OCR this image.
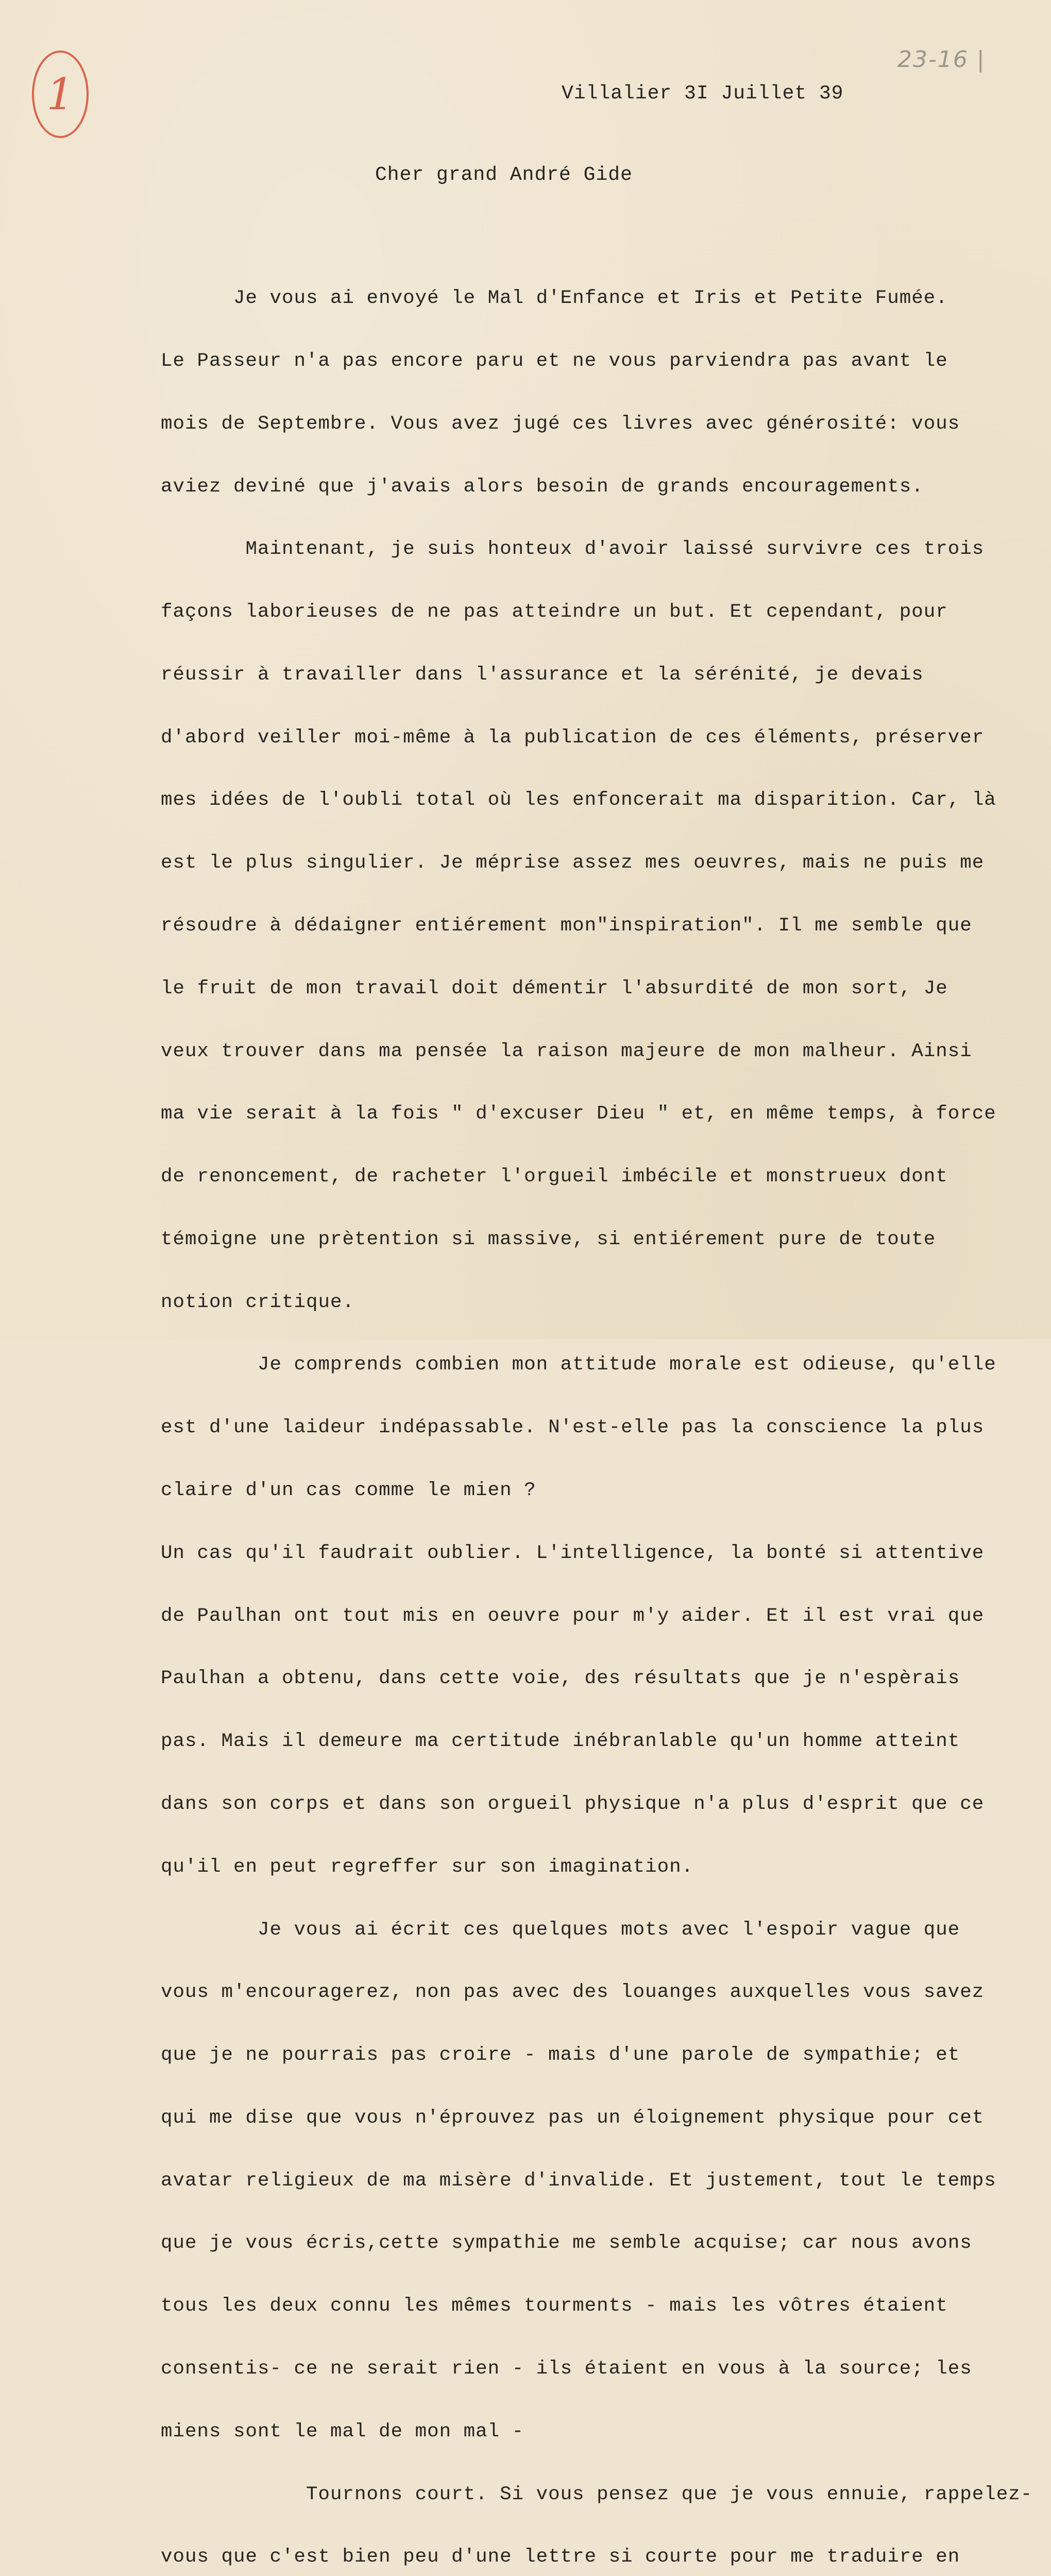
1
23-16 |
Villalier 3I Juillet 39
Cher grand André Gide

Je vous ai envoyé le Mal d'Enfance et Iris et Petite Fumée.

Le Passeur n'a pas encore paru et ne vous parviendra pas avant le

mois de Septembre. Vous avez jugé ces livres avec générosité: vous

aviez deviné que j'avais alors besoin de grands encouragements.

Maintenant, je suis honteux d'avoir laissé survivre ces trois

façons laborieuses de ne pas atteindre un but. Et cependant, pour

réussir à travailler dans l'assurance et la sérénité, je devais

d'abord veiller moi-même à la publication de ces éléments, préserver

mes idées de l'oubli total où les enfoncerait ma disparition. Car, là

est le plus singulier. Je méprise assez mes oeuvres, mais ne puis me

résoudre à dédaigner entiérement mon"inspiration". Il me semble que

le fruit de mon travail doit démentir l'absurdité de mon sort, Je

veux trouver dans ma pensée la raison majeure de mon malheur. Ainsi

ma vie serait à la fois " d'excuser Dieu " et, en même temps, à force

de renoncement, de racheter l'orgueil imbécile et monstrueux dont

témoigne une prètention si massive, si entiérement pure de toute

notion critique.

Je comprends combien mon attitude morale est odieuse, qu'elle

est d'une laideur indépassable. N'est-elle pas la conscience la plus

claire d'un cas comme le mien ?

Un cas qu'il faudrait oublier. L'intelligence, la bonté si attentive

de Paulhan ont tout mis en oeuvre pour m'y aider. Et il est vrai que

Paulhan a obtenu, dans cette voie, des résultats que je n'espèrais

pas. Mais il demeure ma certitude inébranlable qu'un homme atteint

dans son corps et dans son orgueil physique n'a plus d'esprit que ce

qu'il en peut regreffer sur son imagination.

Je vous ai écrit ces quelques mots avec l'espoir vague que

vous m'encouragerez, non pas avec des louanges auxquelles vous savez

que je ne pourrais pas croire - mais d'une parole de sympathie; et

qui me dise que vous n'éprouvez pas un éloignement physique pour cet

avatar religieux de ma misère d'invalide. Et justement, tout le temps

que je vous écris,cette sympathie me semble acquise; car nous avons

tous les deux connu les mêmes tourments - mais les vôtres étaient

consentis- ce ne serait rien - ils étaient en vous à la source; les

miens sont le mal de mon mal -

Tournons court. Si vous pensez que je vous ennuie, rappelez-

vous que c'est bien peu d'une lettre si courte pour me traduire en
